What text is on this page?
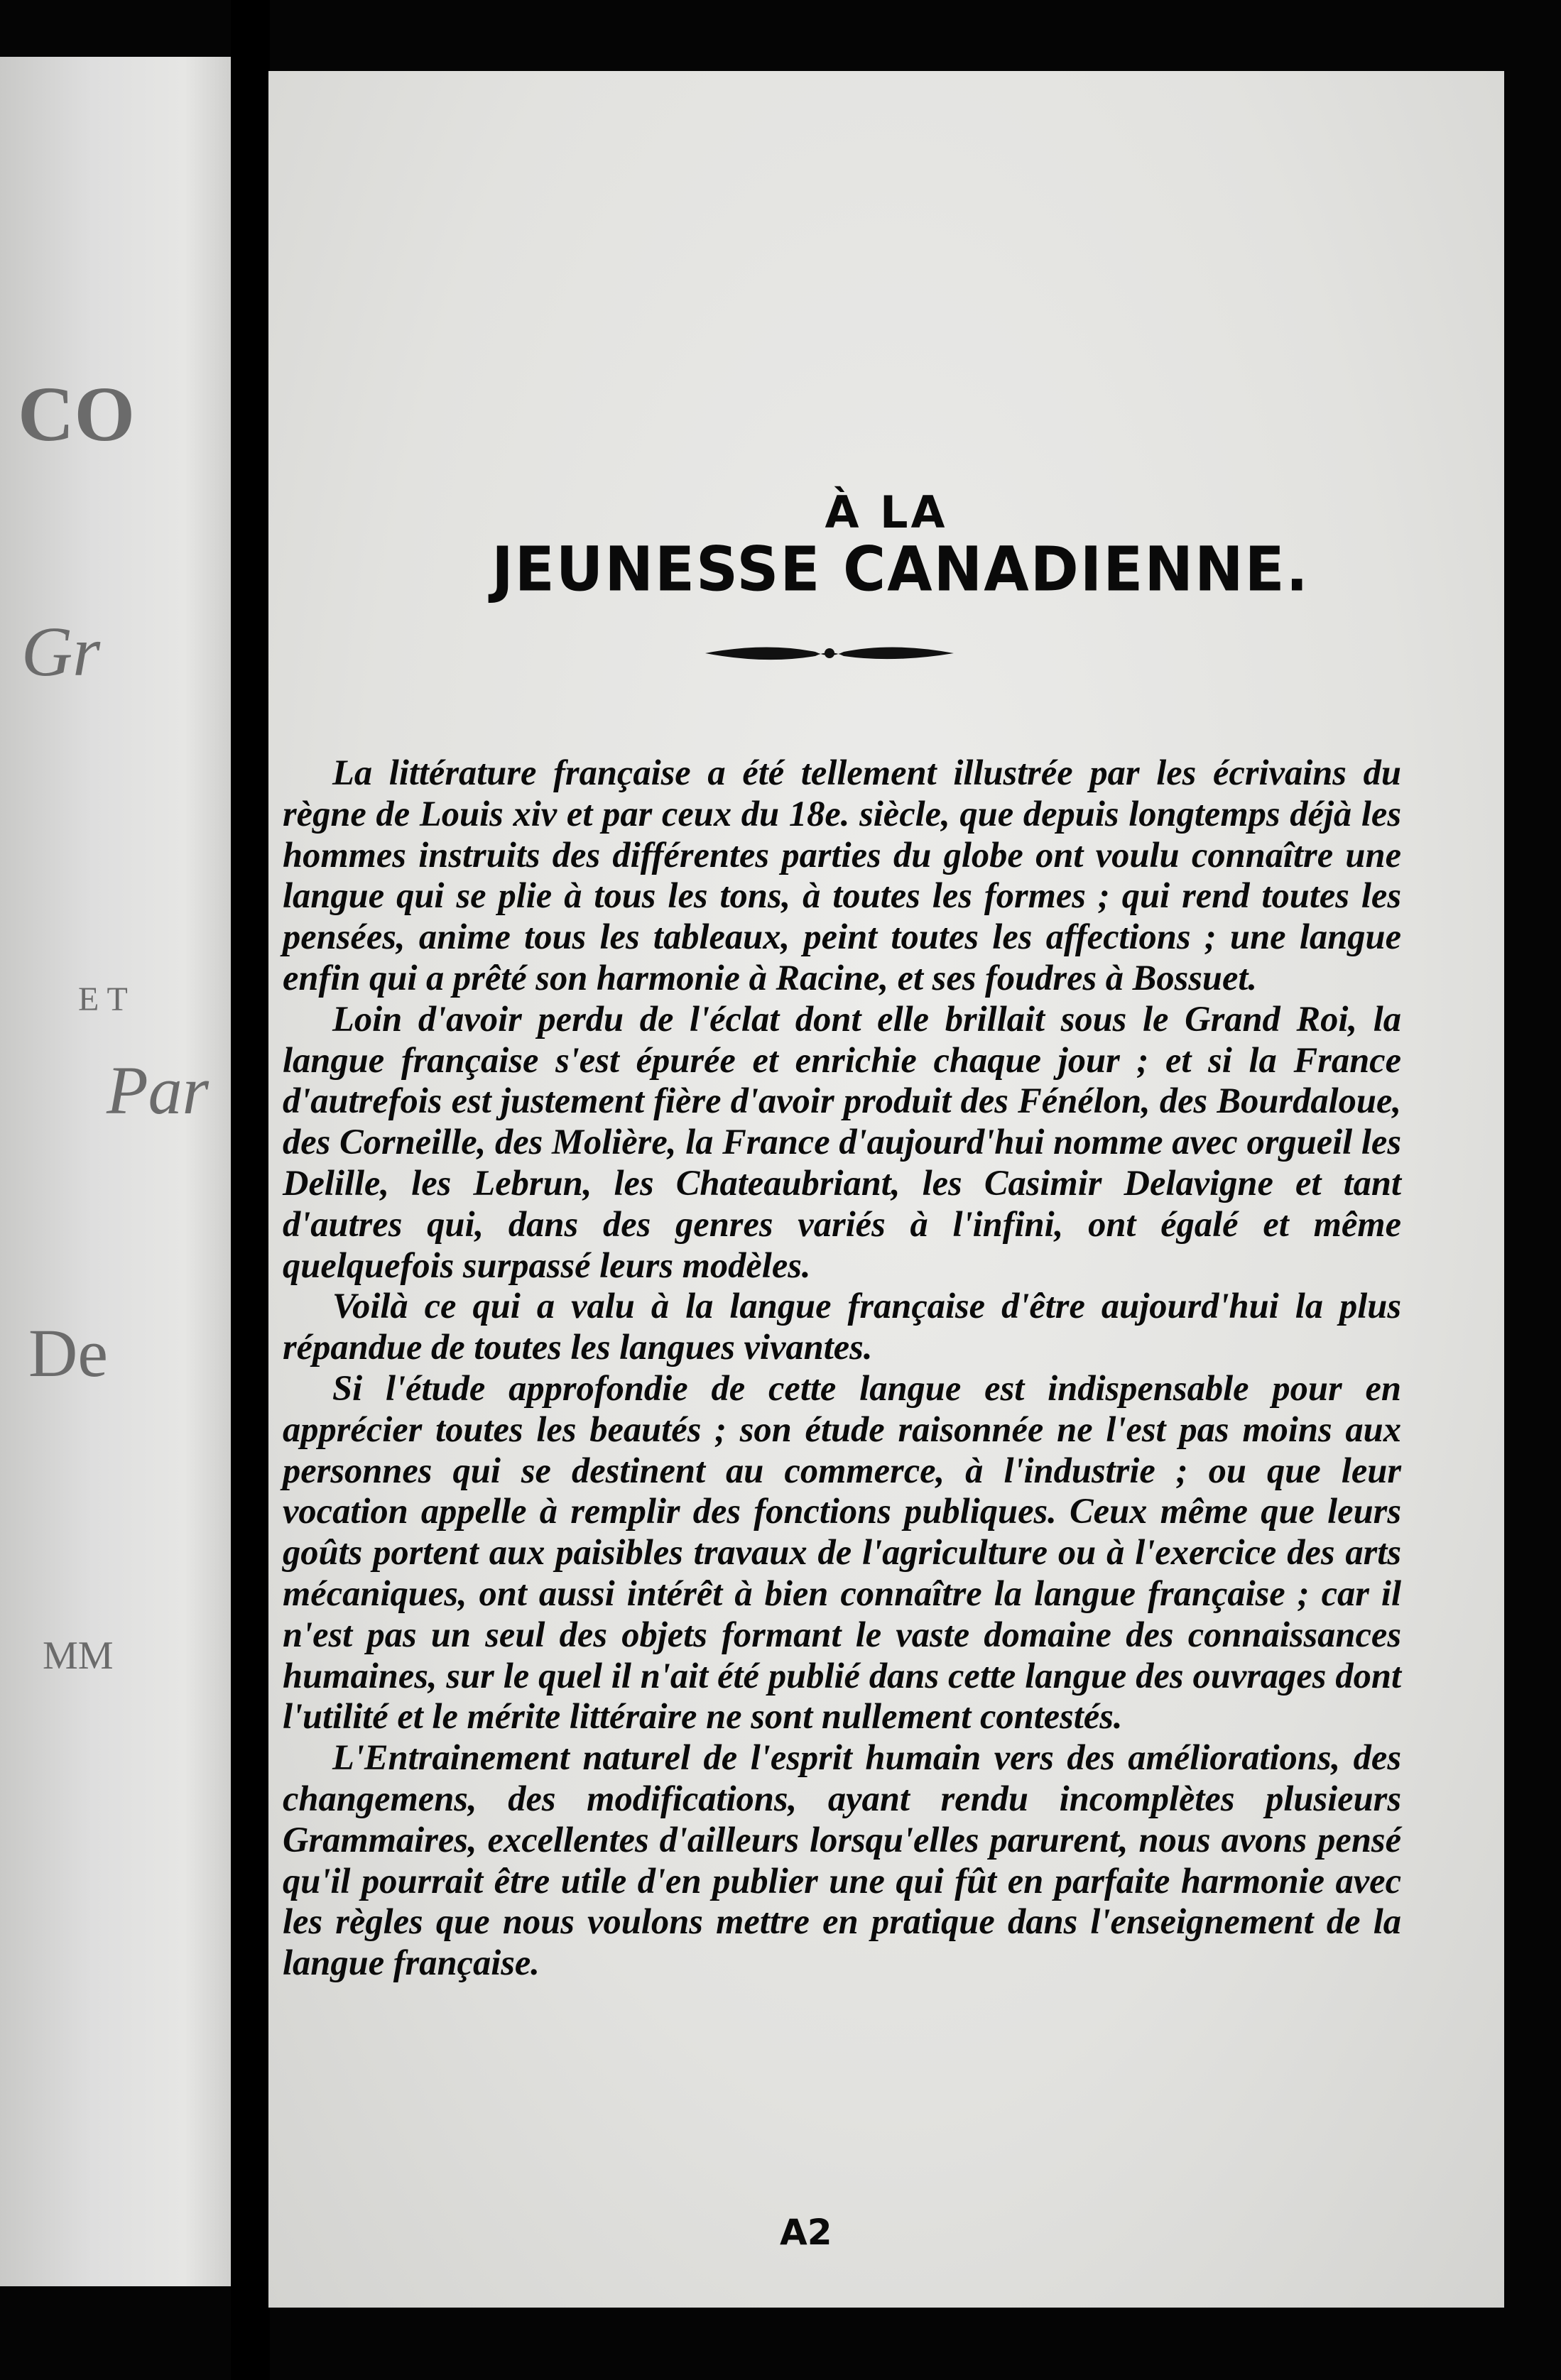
CO
Gr
E T
Par
De
MM
À LA
JEUNESSE CANADIENNE.

La littérature française a été tellement illustrée par les écrivains du règne de Louis xiv et par ceux du 18e. siècle, que depuis longtemps déjà les hommes instruits des différentes parties du globe ont voulu connaître une langue qui se plie à tous les tons, à toutes les formes ; qui rend toutes les pensées, anime tous les tableaux, peint toutes les affections ; une langue enfin qui a prêté son harmonie à Racine, et ses foudres à Bossuet.

Loin d'avoir perdu de l'éclat dont elle brillait sous le Grand Roi, la langue française s'est épurée et enrichie chaque jour ; et si la France d'autrefois est justement fière d'avoir produit des Fénélon, des Bourdaloue, des Corneille, des Molière, la France d'aujourd'hui nomme avec orgueil les Delille, les Lebrun, les Chateaubriant, les Casimir Delavigne et tant d'autres qui, dans des genres variés à l'infini, ont égalé et même quelquefois surpassé leurs modèles.

Voilà ce qui a valu à la langue française d'être aujourd'hui la plus répandue de toutes les langues vivantes.

Si l'étude approfondie de cette langue est indispensable pour en apprécier toutes les beautés ; son étude raisonnée ne l'est pas moins aux personnes qui se destinent au commerce, à l'industrie ; ou que leur vocation appelle à remplir des fonctions publiques. Ceux même que leurs goûts portent aux paisibles travaux de l'agriculture ou à l'exercice des arts mécaniques, ont aussi intérêt à bien connaître la langue française ; car il n'est pas un seul des objets formant le vaste domaine des connaissances humaines, sur le quel il n'ait été publié dans cette langue des ouvrages dont l'utilité et le mérite littéraire ne sont nullement contestés.

L'Entrainement naturel de l'esprit humain vers des améliorations, des changemens, des modifications, ayant rendu incomplètes plusieurs Grammaires, excellentes d'ailleurs lorsqu'elles parurent, nous avons pensé qu'il pourrait être utile d'en publier une qui fût en parfaite harmonie avec les règles que nous voulons mettre en pratique dans l'enseignement de la langue française.

A2
